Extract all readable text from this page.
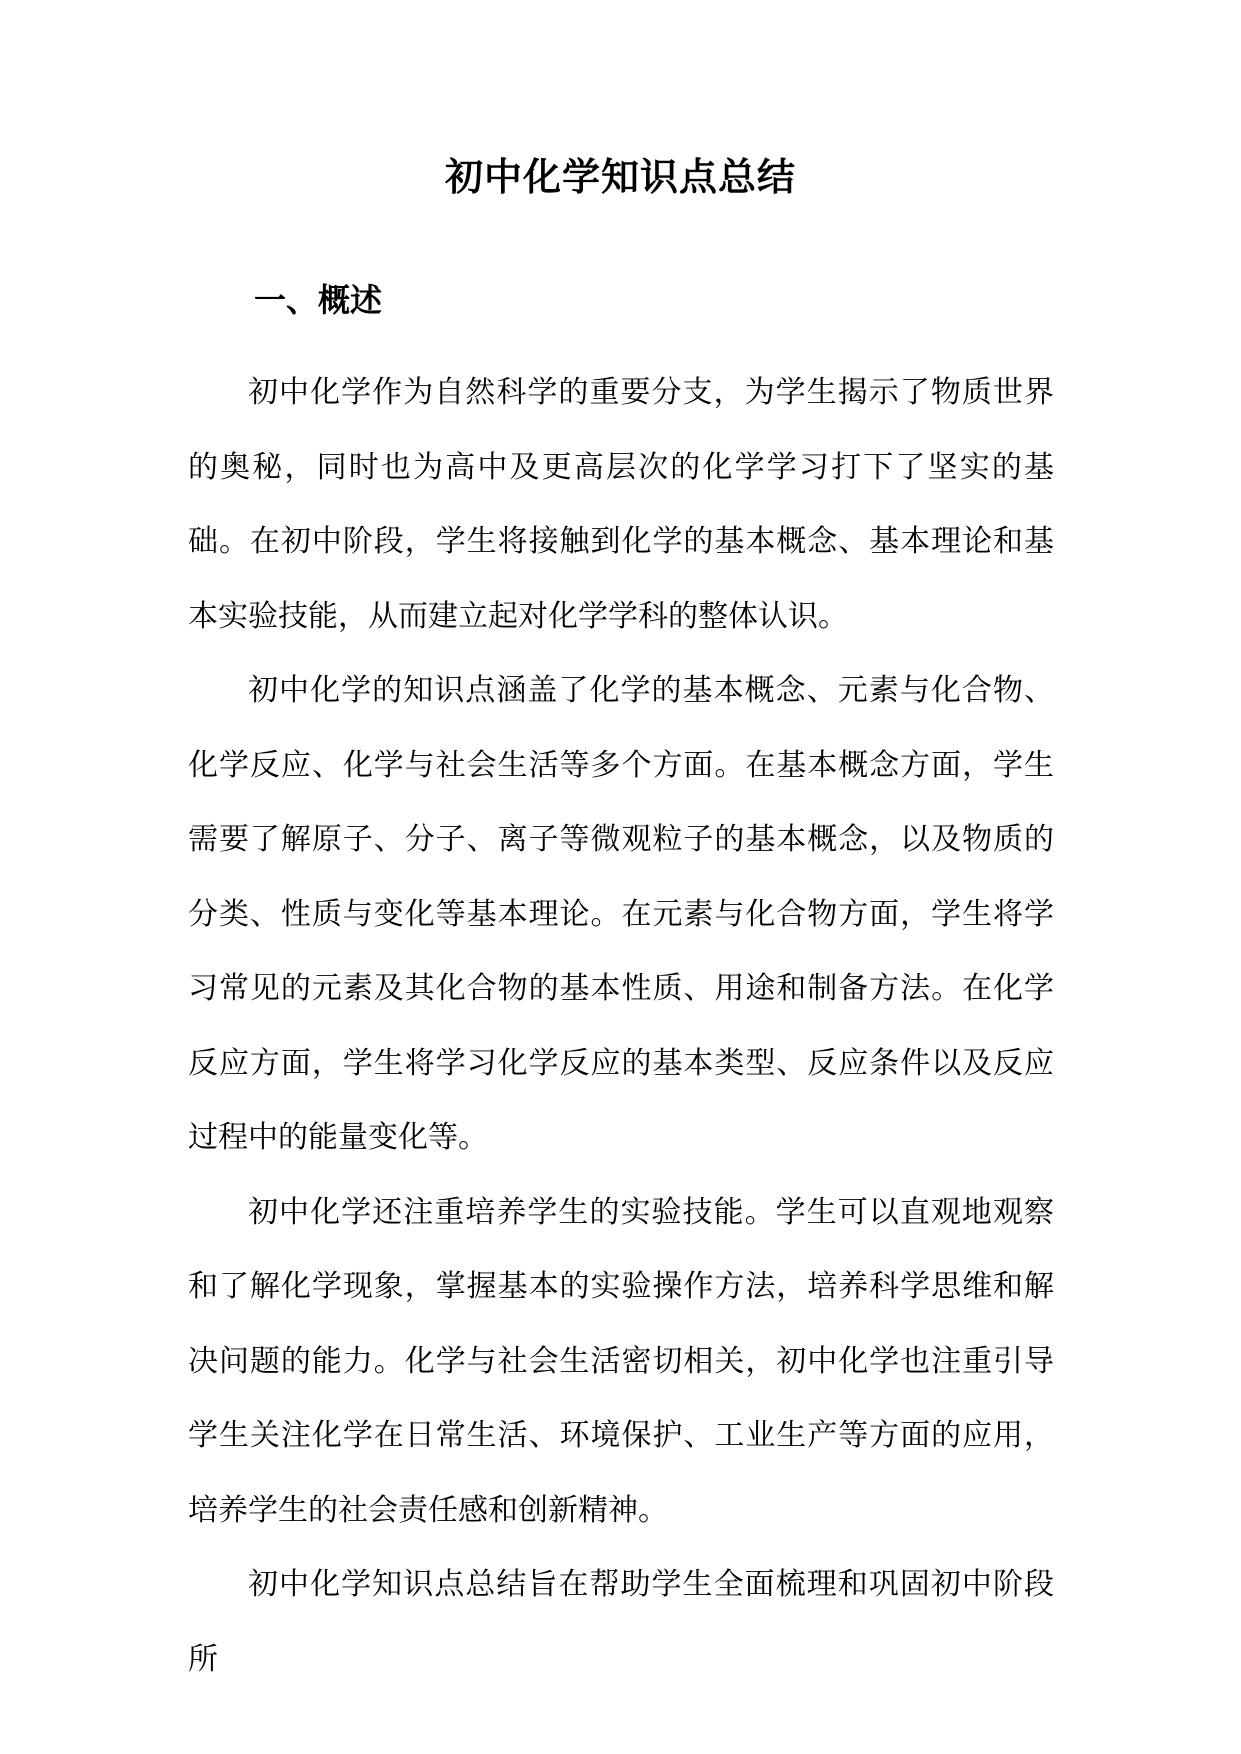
初中化学知识点总结
一、概述

初中化学作为自然科学的重要分支，为学生揭示了物质世界的奥秘，同时也为高中及更高层次的化学学习打下了坚实的基础。在初中阶段，学生将接触到化学的基本概念、基本理论和基本实验技能，从而建立起对化学学科的整体认识。

初中化学的知识点涵盖了化学的基本概念、元素与化合物、化学反应、化学与社会生活等多个方面。在基本概念方面，学生需要了解原子、分子、离子等微观粒子的基本概念，以及物质的分类、性质与变化等基本理论。在元素与化合物方面，学生将学习常见的元素及其化合物的基本性质、用途和制备方法。在化学反应方面，学生将学习化学反应的基本类型、反应条件以及反应过程中的能量变化等。

初中化学还注重培养学生的实验技能。学生可以直观地观察和了解化学现象，掌握基本的实验操作方法，培养科学思维和解决问题的能力。化学与社会生活密切相关，初中化学也注重引导学生关注化学在日常生活、环境保护、工业生产等方面的应用，培养学生的社会责任感和创新精神。

初中化学知识点总结旨在帮助学生全面梳理和巩固初中阶段所
